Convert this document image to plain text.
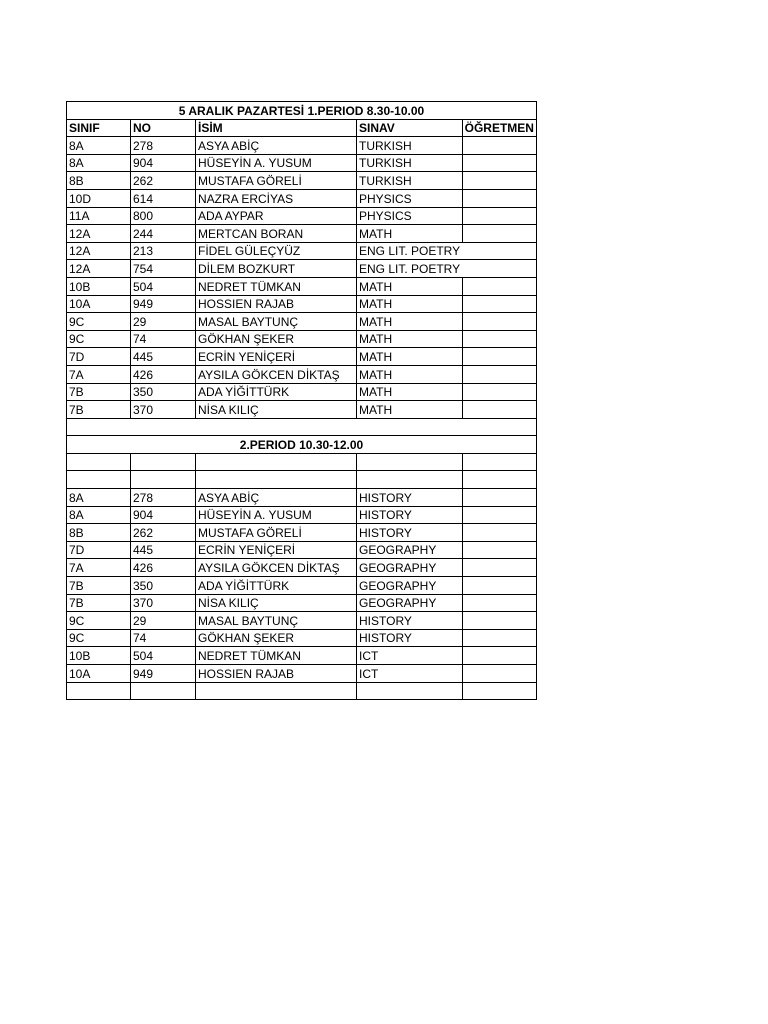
5 ARALIK PAZARTESİ 1.PERIOD 8.30-10.00				
SINIF	NO	İSİM	SINAV	ÖĞRETMEN
8A	278	ASYA ABİÇ	TURKISH	
8A	904	HÜSEYİN A. YUSUM	TURKISH	
8B	262	MUSTAFA GÖRELİ	TURKISH	
10D	614	NAZRA ERCİYAS	PHYSICS	
11A	800	ADA AYPAR	PHYSICS	
12A	244	MERTCAN BORAN	MATH	
12A	213	FİDEL GÜLEÇYÜZ	ENG LIT. POETRY	
12A	754	DİLEM BOZKURT	ENG LIT. POETRY	
10B	504	NEDRET TÜMKAN	MATH	
10A	949	HOSSIEN RAJAB	MATH	
9C	29	MASAL BAYTUNÇ	MATH	
9C	74	GÖKHAN ŞEKER	MATH	
7D	445	ECRİN YENİÇERİ	MATH	
7A	426	AYSILA GÖKCEN DİKTAŞ	MATH	
7B	350	ADA YİĞİTTÜRK	MATH	
7B	370	NİSA KILIÇ	MATH	

2.PERIOD 10.30-12.00				

8A	278	ASYA ABİÇ	HISTORY	
8A	904	HÜSEYİN A. YUSUM	HISTORY	
8B	262	MUSTAFA GÖRELİ	HISTORY	
7D	445	ECRİN YENİÇERİ	GEOGRAPHY	
7A	426	AYSILA GÖKCEN DİKTAŞ	GEOGRAPHY	
7B	350	ADA YİĞİTTÜRK	GEOGRAPHY	
7B	370	NİSA KILIÇ	GEOGRAPHY	
9C	29	MASAL BAYTUNÇ	HISTORY	
9C	74	GÖKHAN ŞEKER	HISTORY	
10B	504	NEDRET TÜMKAN	ICT	
10A	949	HOSSIEN RAJAB	ICT	
